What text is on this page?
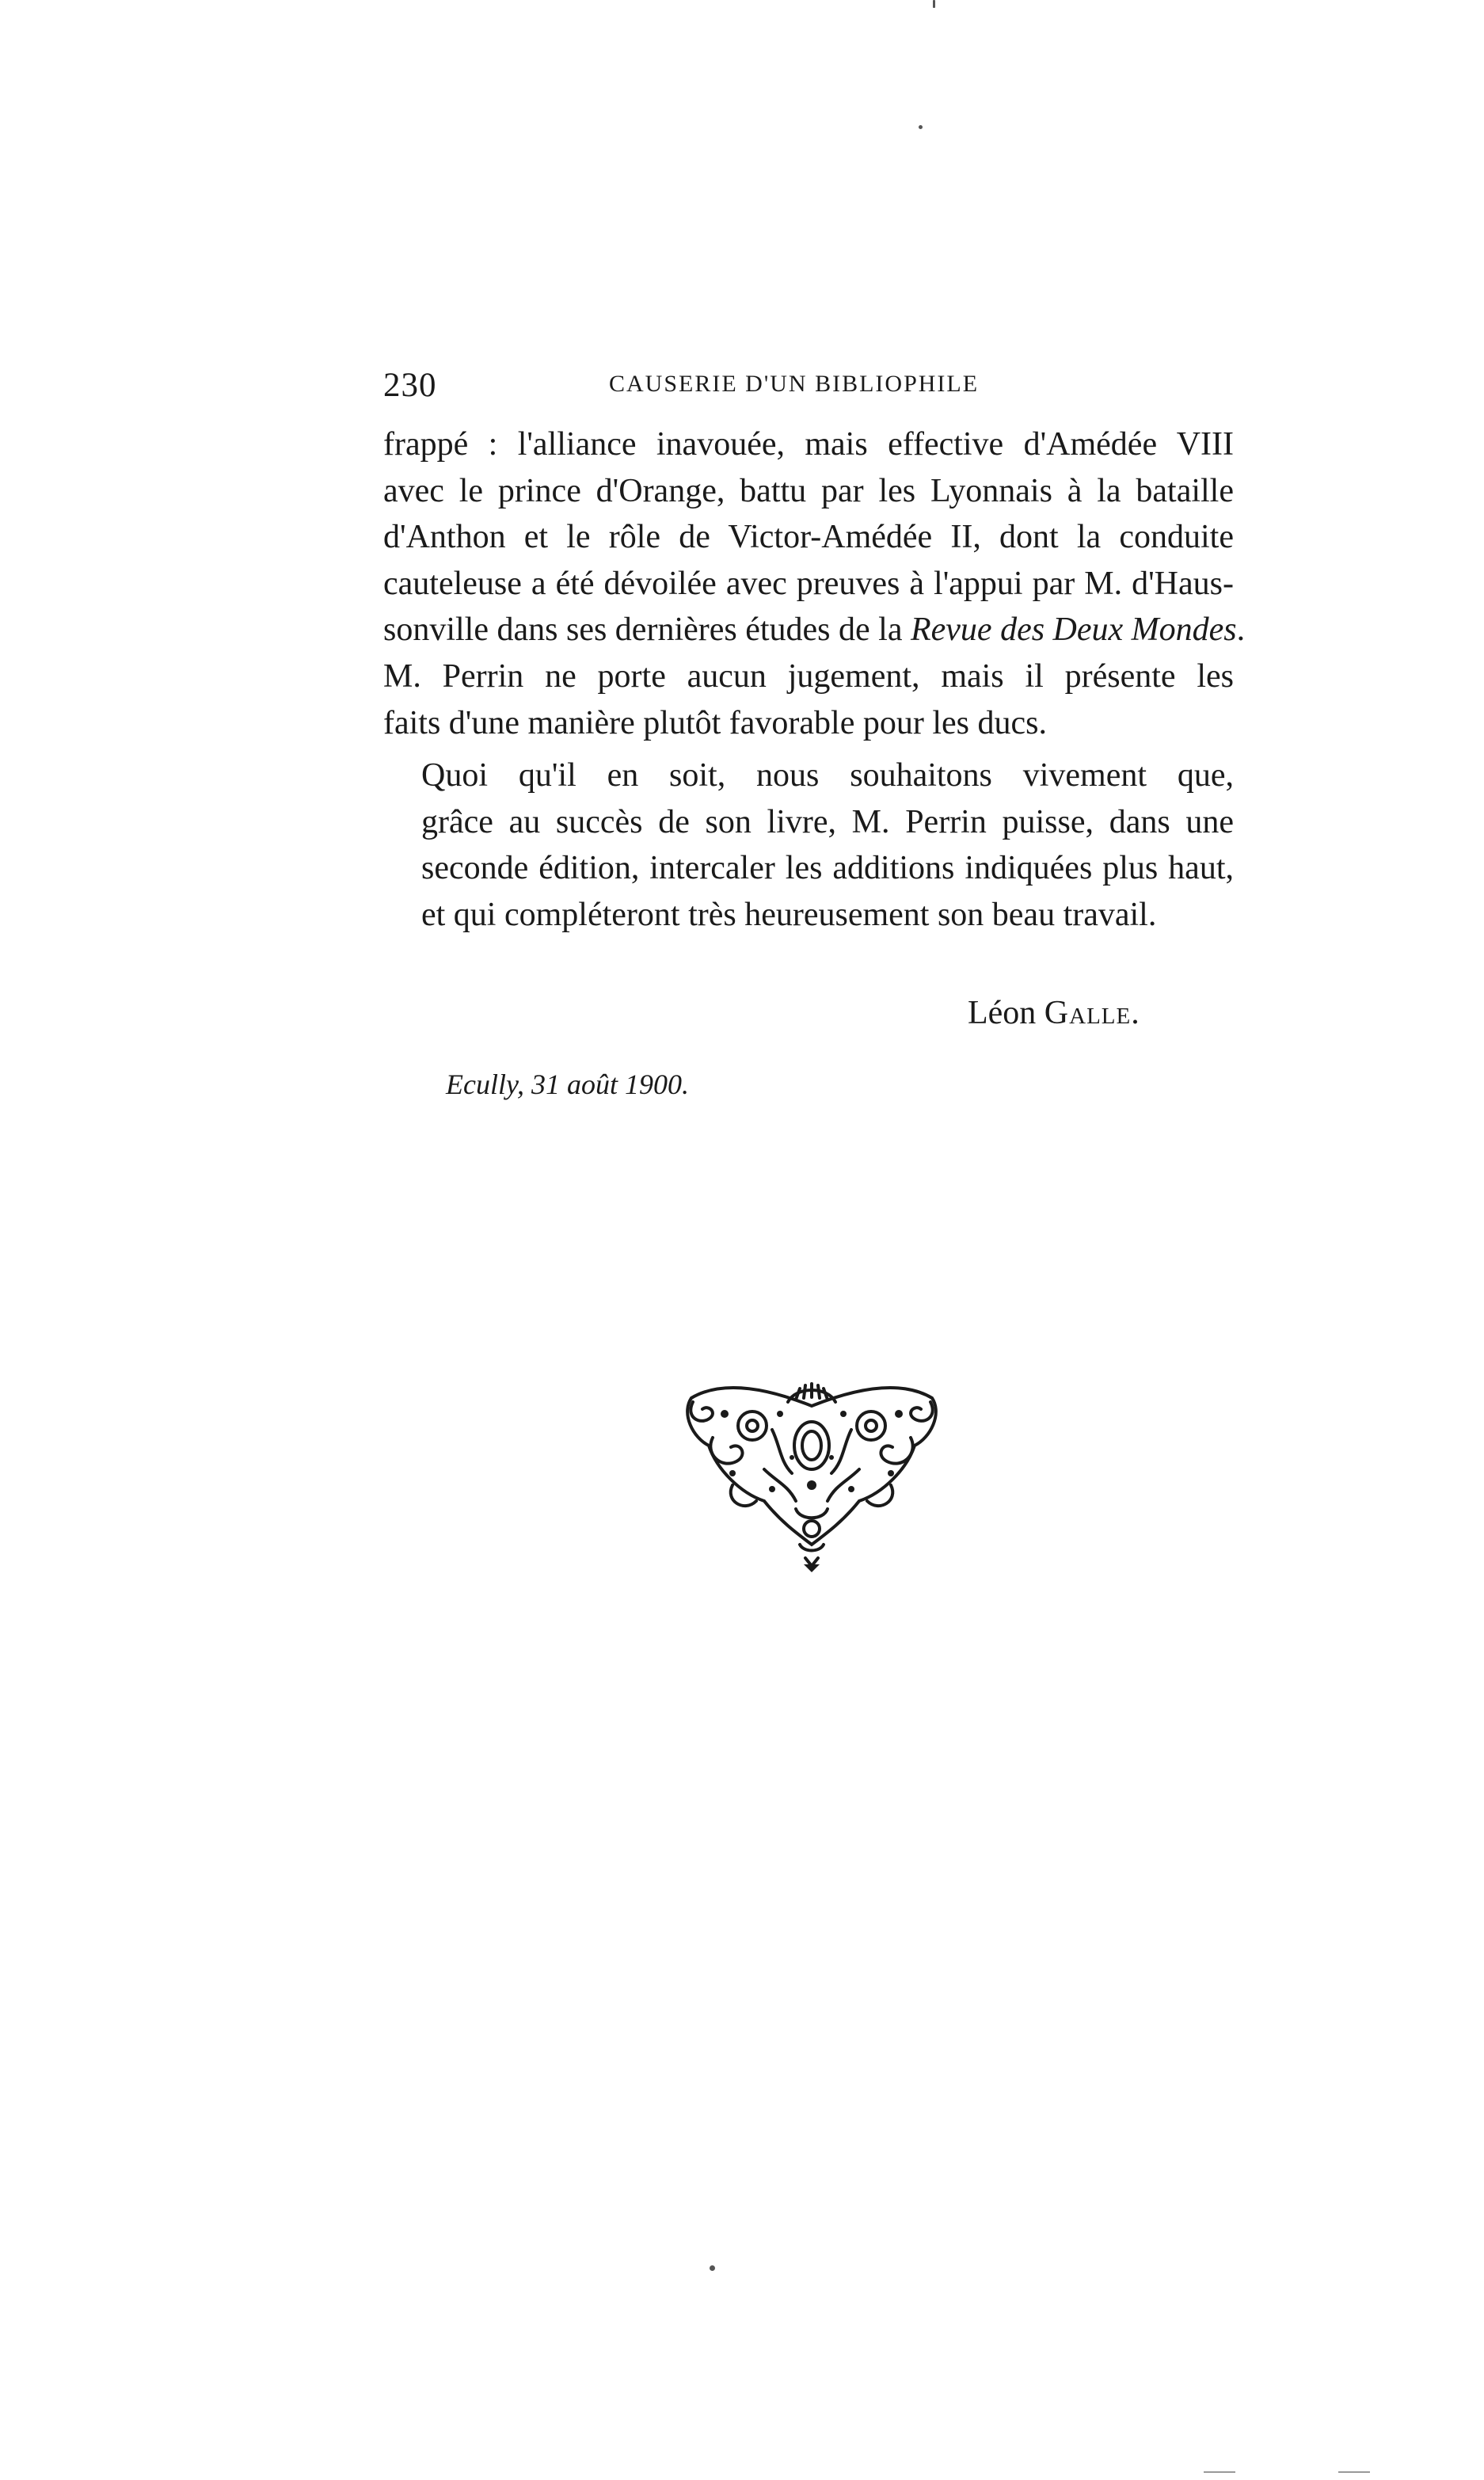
230	CAUSERIE D'UN BIBLIOPHILE

frappé : l'alliance inavouée, mais effective d'Amédée VIII
avec le prince d'Orange, battu par les Lyonnais à la bataille
d'Anthon et le rôle de Victor-Amédée II, dont la conduite
cauteleuse a été dévoilée avec preuves à l'appui par M. d'Haus-
sonville dans ses dernières études de la Revue des Deux Mondes.
M. Perrin ne porte aucun jugement, mais il présente les
faits d'une manière plutôt favorable pour les ducs.

Quoi qu'il en soit, nous souhaitons vivement que,
grâce au succès de son livre, M. Perrin puisse, dans une
seconde édition, intercaler les additions indiquées plus haut,
et qui compléteront très heureusement son beau travail.

Léon Galle.
Ecully, 31 août 1900.
